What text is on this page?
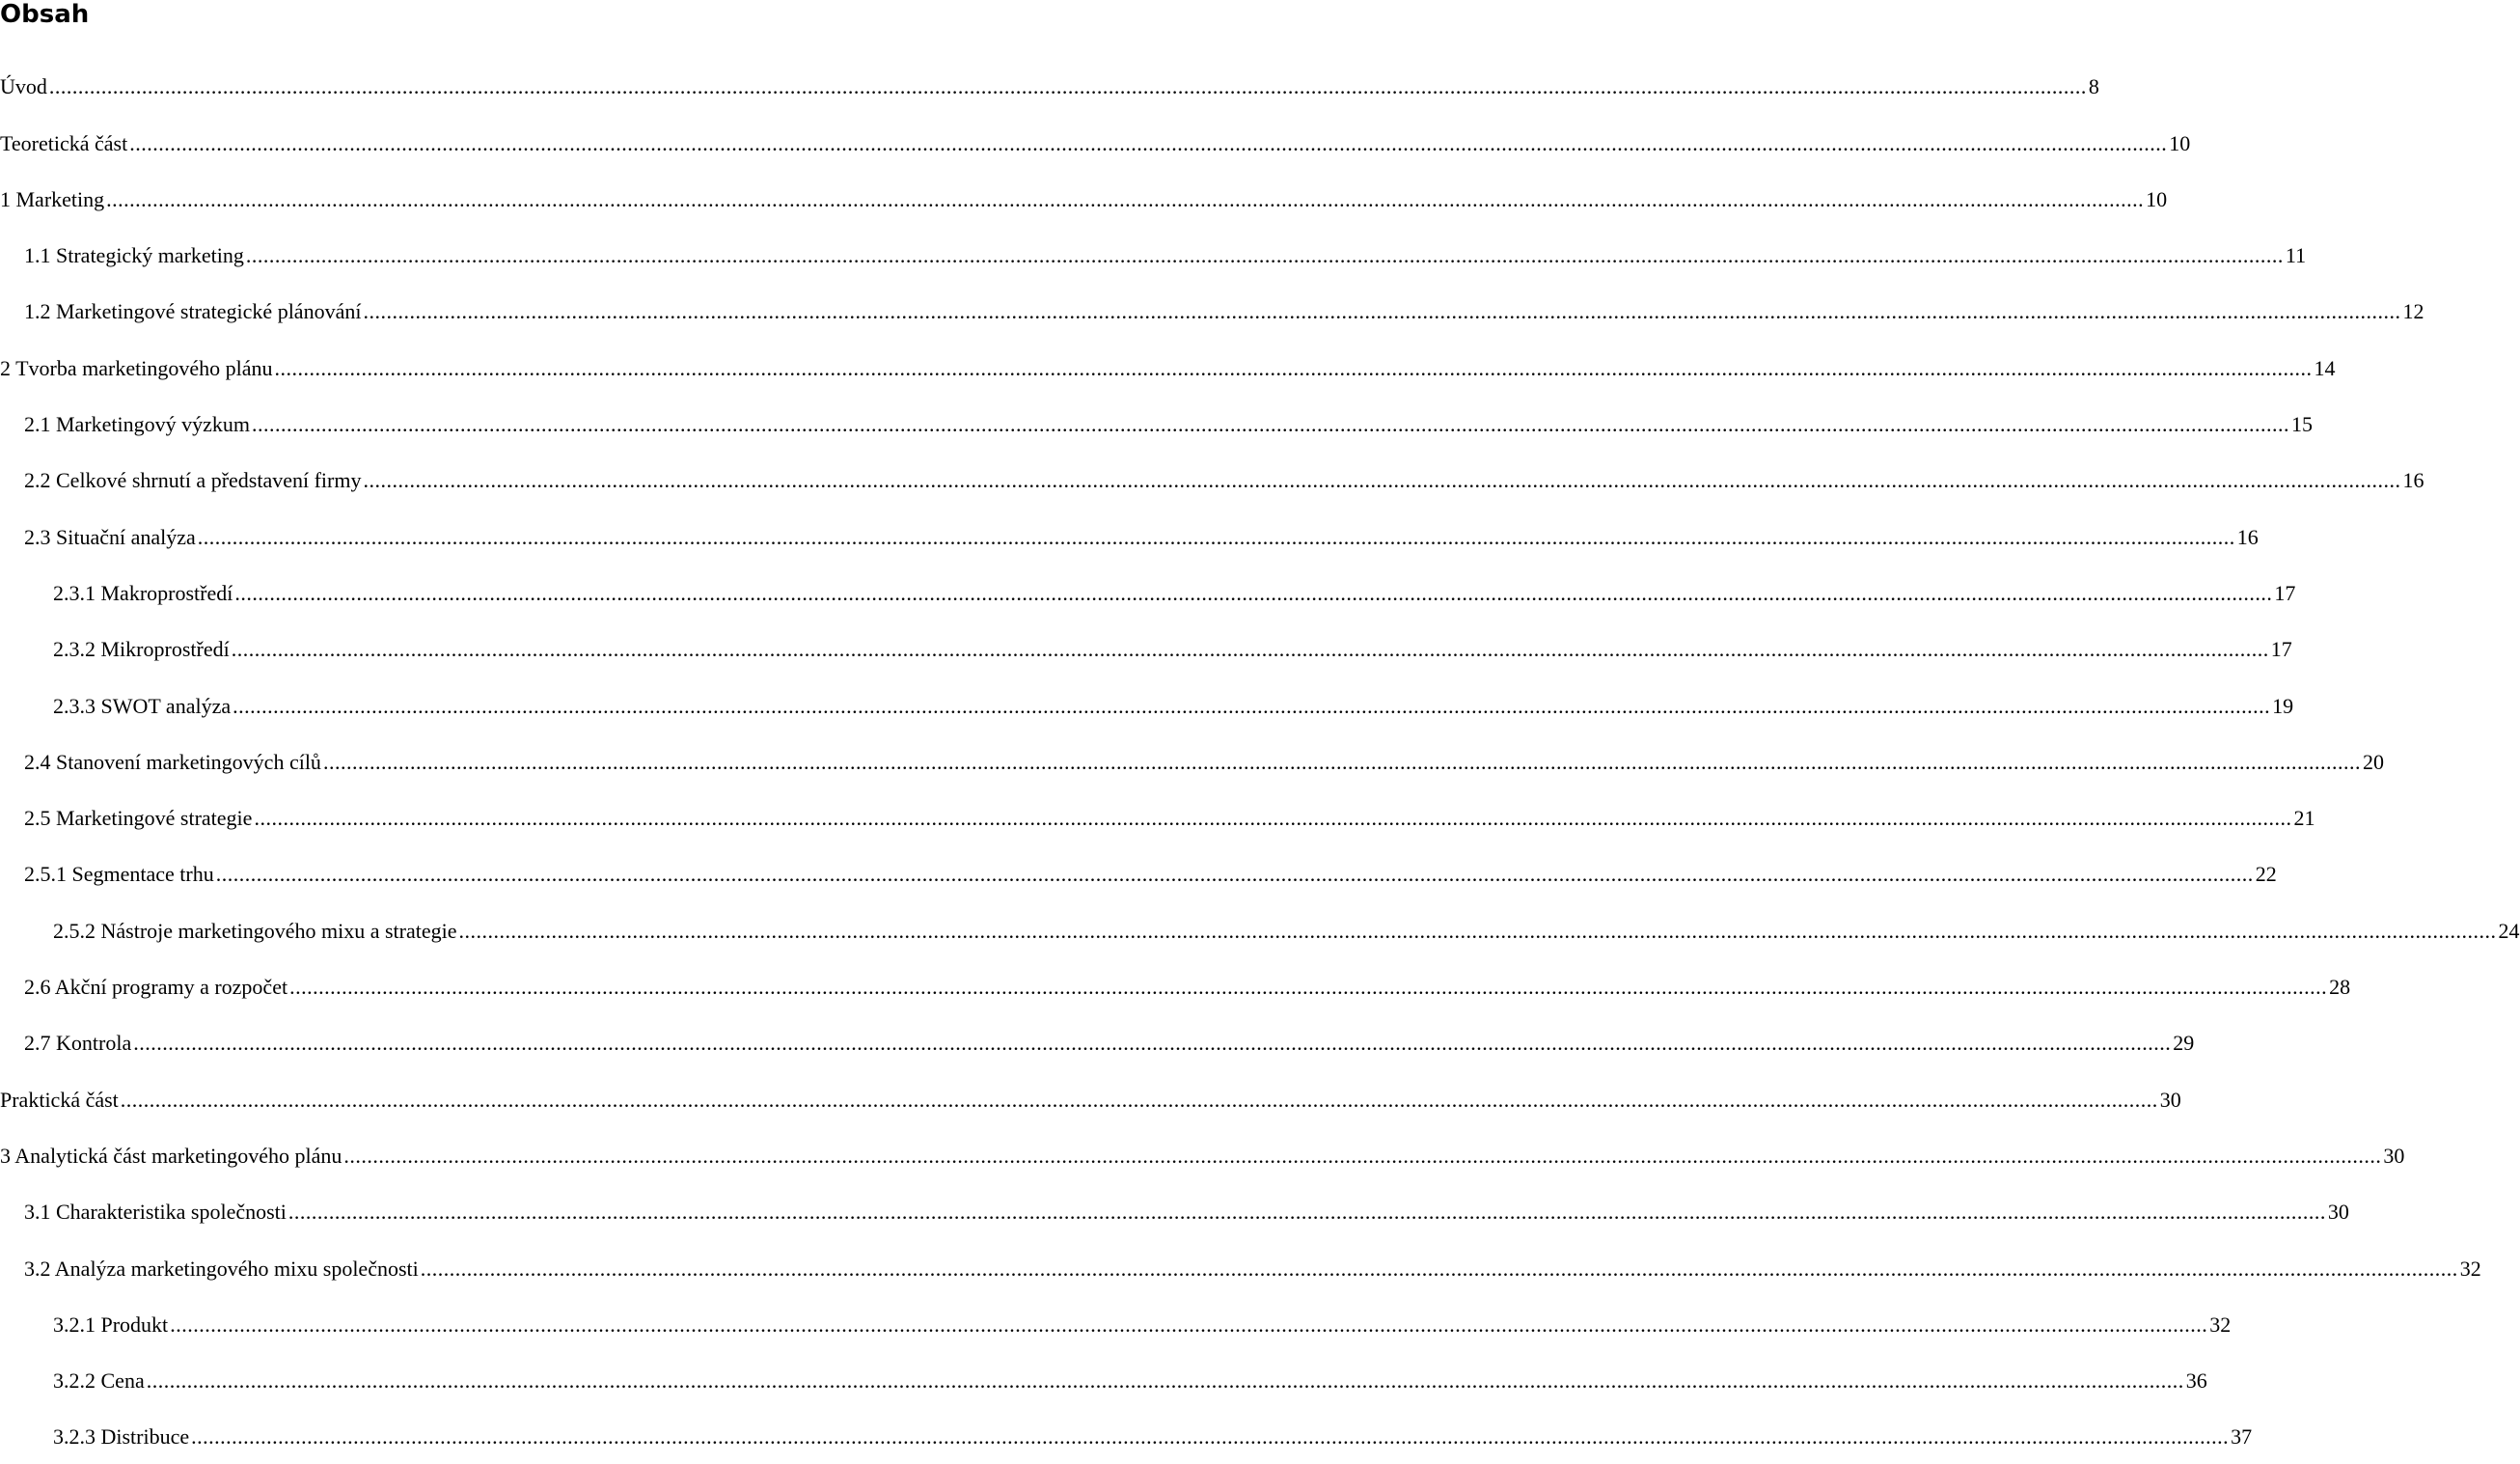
Obsah
Úvod .....	8
Teoretická část .....	10
1 Marketing .....	10
1.1 Strategický marketing .....	11
1.2 Marketingové strategické plánování .....	12
2 Tvorba marketingového plánu .....	14
2.1 Marketingový výzkum .....	15
2.2 Celkové shrnutí a představení firmy .....	16
2.3 Situační analýza .....	16
2.3.1 Makroprostředí .....	17
2.3.2 Mikroprostředí .....	17
2.3.3 SWOT analýza .....	19
2.4 Stanovení marketingových cílů .....	20
2.5 Marketingové strategie .....	21
2.5.1 Segmentace trhu .....	22
2.5.2 Nástroje marketingového mixu a strategie .....	24
2.6 Akční programy a rozpočet .....	28
2.7 Kontrola .....	29
Praktická část .....	30
3 Analytická část marketingového plánu .....	30
3.1 Charakteristika společnosti .....	30
3.2 Analýza marketingového mixu společnosti .....	32
3.2.1 Produkt .....	32
3.2.2 Cena .....	36
3.2.3 Distribuce .....	37
